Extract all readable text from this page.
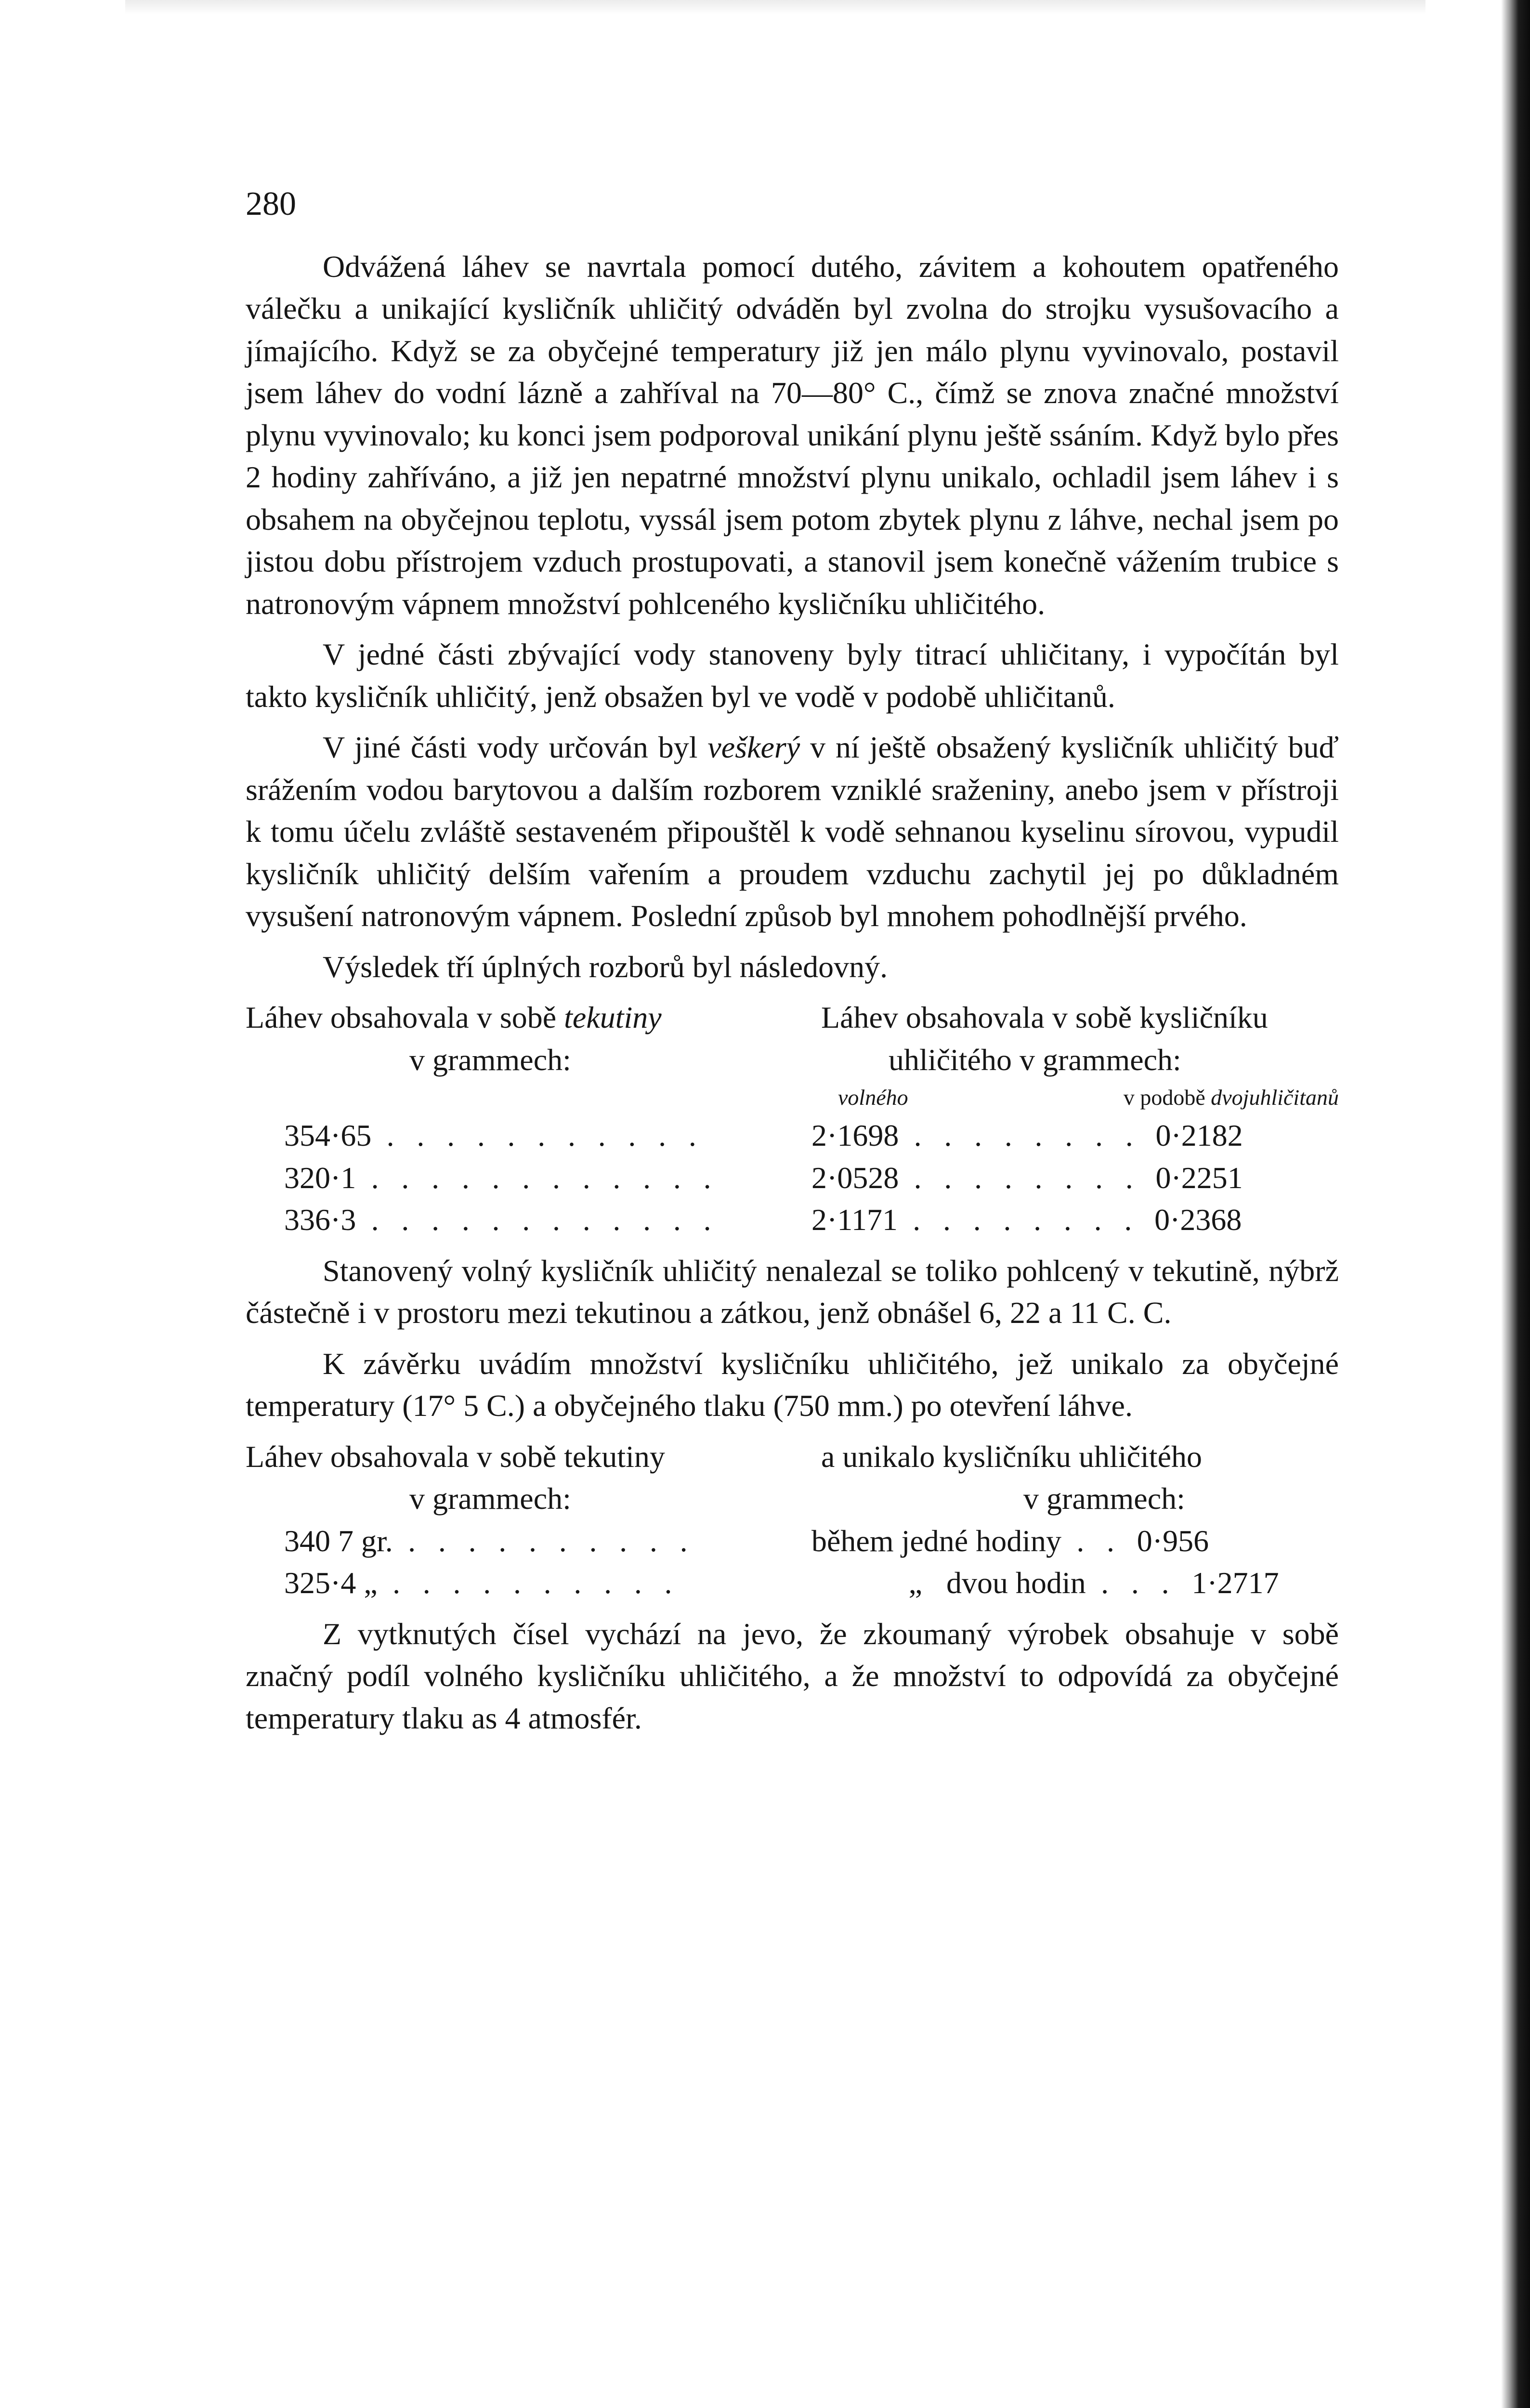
280

Odvážená láhev se navrtala pomocí dutého, závitem a kohoutem opatřeného válečku a unikající kysličník uhličitý odváděn byl zvolna do strojku vysušovacího a jímajícího. Když se za obyčejné temperatury již jen málo plynu vyvinovalo, postavil jsem láhev do vodní lázně a zahříval na 70—80° C., čímž se znova značné množství plynu vyvinovalo; ku konci jsem podporoval unikání plynu ještě ssáním. Když bylo přes 2 hodiny zahříváno, a již jen nepatrné množství plynu unikalo, ochladil jsem láhev i s obsahem na obyčejnou teplotu, vyssál jsem potom zbytek plynu z láhve, nechal jsem po jistou dobu přístrojem vzduch prostupovati, a stanovil jsem konečně vážením trubice s natronovým vápnem množství pohlceného kysličníku uhličitého.

V jedné části zbývající vody stanoveny byly titrací uhličitany, i vypočítán byl takto kysličník uhličitý, jenž obsažen byl ve vodě v podobě uhličitanů.

V jiné části vody určován byl veškerý v ní ještě obsažený kysličník uhličitý buď srážením vodou barytovou a dalším rozborem vzniklé sraženiny, anebo jsem v přístroji k tomu účelu zvláště sestaveném připouštěl k vodě sehnanou kyselinu sírovou, vypudil kysličník uhličitý delším vařením a proudem vzduchu zachytil jej po důkladném vysušení natronovým vápnem. Poslední způsob byl mnohem pohodlnější prvého.

Výsledek tří úplných rozborů byl následovný.

Láhev obsahovala v sobě tekutiny
v grammech:
Láhev obsahovala v sobě kysličníku
uhličitého v grammech:
volného	v podobě dvojuhličitanů
354·65 . . . . . . . . . . .	2·1698 . . . . . . . . 0·2182
320·1 . . . . . . . . . . . .	2·0528 . . . . . . . . 0·2251
336·3 . . . . . . . . . . . .	2·1171 . . . . . . . . 0·2368

Stanovený volný kysličník uhličitý nenalezal se toliko pohlcený v tekutině, nýbrž částečně i v prostoru mezi tekutinou a zátkou, jenž obnášel 6, 22 a 11 C. C.

K závěrku uvádím množství kysličníku uhličitého, jež unikalo za obyčejné temperatury (17° 5 C.) a obyčejného tlaku (750 mm.) po otevření láhve.

Láhev obsahovala v sobě tekutiny
v grammech:
a unikalo kysličníku uhličitého
v grammech:
340 7 gr. . . . . . . . . . .	během jedné hodiny . . 0·956
325·4 „ . . . . . . . . . .	„ dvou hodin . . . 1·2717

Z vytknutých čísel vychází na jevo, že zkoumaný výrobek obsahuje v sobě značný podíl volného kysličníku uhličitého, a že množství to odpovídá za obyčejné temperatury tlaku as 4 atmosfér.
